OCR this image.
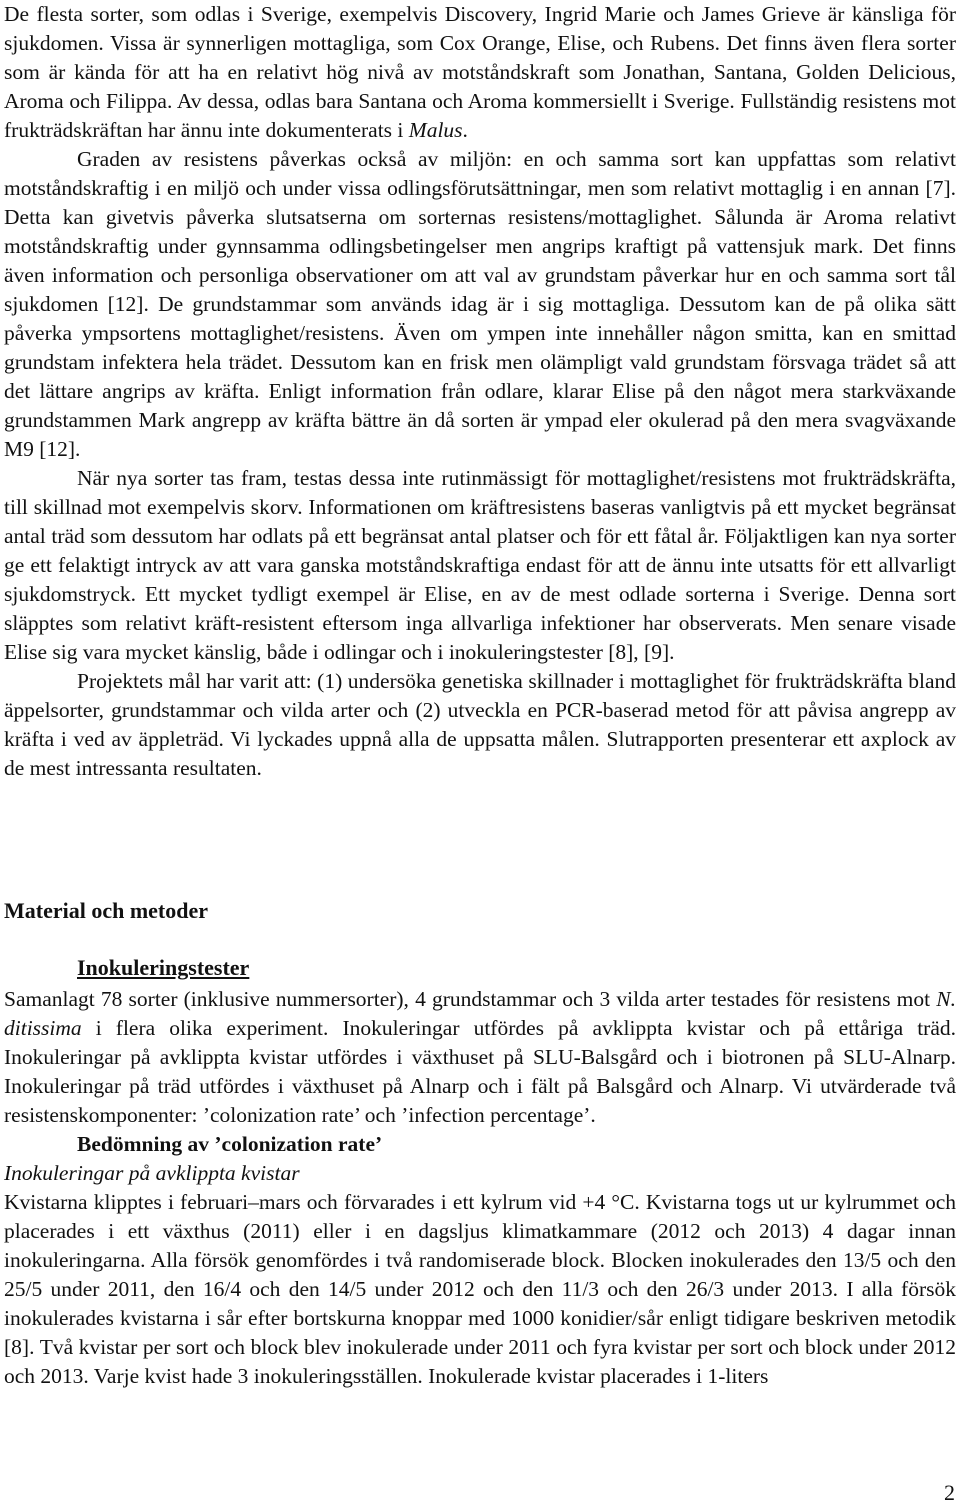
De flesta sorter, som odlas i Sverige, exempelvis Discovery, Ingrid Marie och James Grieve är känsliga för sjukdomen. Vissa är synnerligen mottagliga, som Cox Orange, Elise, och Rubens. Det finns även flera sorter som är kända för att ha en relativt hög nivå av motståndskraft som Jonathan, Santana, Golden Delicious, Aroma och Filippa. Av dessa, odlas bara Santana och Aroma kommersiellt i Sverige. Fullständig resistens mot frukträdskräftan har ännu inte dokumenterats i Malus.

Graden av resistens påverkas också av miljön: en och samma sort kan uppfattas som relativt motståndskraftig i en miljö och under vissa odlingsförutsättningar, men som relativt mottaglig i en annan [7]. Detta kan givetvis påverka slutsatserna om sorternas resistens/mottaglighet. Sålunda är Aroma relativt motståndskraftig under gynnsamma odlingsbetingelser men angrips kraftigt på vattensjuk mark. Det finns även information och personliga observationer om att val av grundstam påverkar hur en och samma sort tål sjukdomen [12]. De grundstammar som används idag är i sig mottagliga. Dessutom kan de på olika sätt påverka ympsortens mottaglighet/resistens. Även om ympen inte innehåller någon smitta, kan en smittad grundstam infektera hela trädet. Dessutom kan en frisk men olämpligt vald grundstam försvaga trädet så att det lättare angrips av kräfta. Enligt information från odlare, klarar Elise på den något mera starkväxande grundstammen Mark angrepp av kräfta bättre än då sorten är ympad eler okulerad på den mera svagväxande M9 [12].

När nya sorter tas fram, testas dessa inte rutinmässigt för mottaglighet/resistens mot frukträdskräfta, till skillnad mot exempelvis skorv. Informationen om kräftresistens baseras vanligtvis på ett mycket begränsat antal träd som dessutom har odlats på ett begränsat antal platser och för ett fåtal år. Följaktligen kan nya sorter ge ett felaktigt intryck av att vara ganska motståndskraftiga endast för att de ännu inte utsatts för ett allvarligt sjukdomstryck. Ett mycket tydligt exempel är Elise, en av de mest odlade sorterna i Sverige. Denna sort släpptes som relativt kräft-resistent eftersom inga allvarliga infektioner har observerats. Men senare visade Elise sig vara mycket känslig, både i odlingar och i inokuleringstester [8], [9].

Projektets mål har varit att: (1) undersöka genetiska skillnader i mottaglighet för frukträdskräfta bland äppelsorter, grundstammar och vilda arter och (2) utveckla en PCR-baserad metod för att påvisa angrepp av kräfta i ved av äppleträd. Vi lyckades uppnå alla de uppsatta målen. Slutrapporten presenterar ett axplock av de mest intressanta resultaten.

Material och metoder
Inokuleringstester

Samanlagt 78 sorter (inklusive nummersorter), 4 grundstammar och 3 vilda arter testades för resistens mot N. ditissima i flera olika experiment. Inokuleringar utfördes på avklippta kvistar och på ettåriga träd. Inokuleringar på avklippta kvistar utfördes i växthuset på SLU-Balsgård och i biotronen på SLU-Alnarp. Inokuleringar på träd utfördes i växthuset på Alnarp och i fält på Balsgård och Alnarp. Vi utvärderade två resistenskomponenter: ’colonization rate’ och ’infection percentage’.

Bedömning av ’colonization rate’

Inokuleringar på avklippta kvistar

Kvistarna klipptes i februari–mars och förvarades i ett kylrum vid +4 °C. Kvistarna togs ut ur kylrummet och placerades i ett växthus (2011) eller i en dagsljus klimatkammare (2012 och 2013) 4 dagar innan inokuleringarna. Alla försök genomfördes i två randomiserade block. Blocken inokulerades den 13/5 och den 25/5 under 2011, den 16/4 och den 14/5 under 2012 och den 11/3 och den 26/3 under 2013. I alla försök inokulerades kvistarna i sår efter bortskurna knoppar med 1000 konidier/sår enligt tidigare beskriven metodik [8]. Två kvistar per sort och block blev inokulerade under 2011 och fyra kvistar per sort och block under 2012 och 2013. Varje kvist hade 3 inokuleringsställen. Inokulerade kvistar placerades i 1-liters

2
